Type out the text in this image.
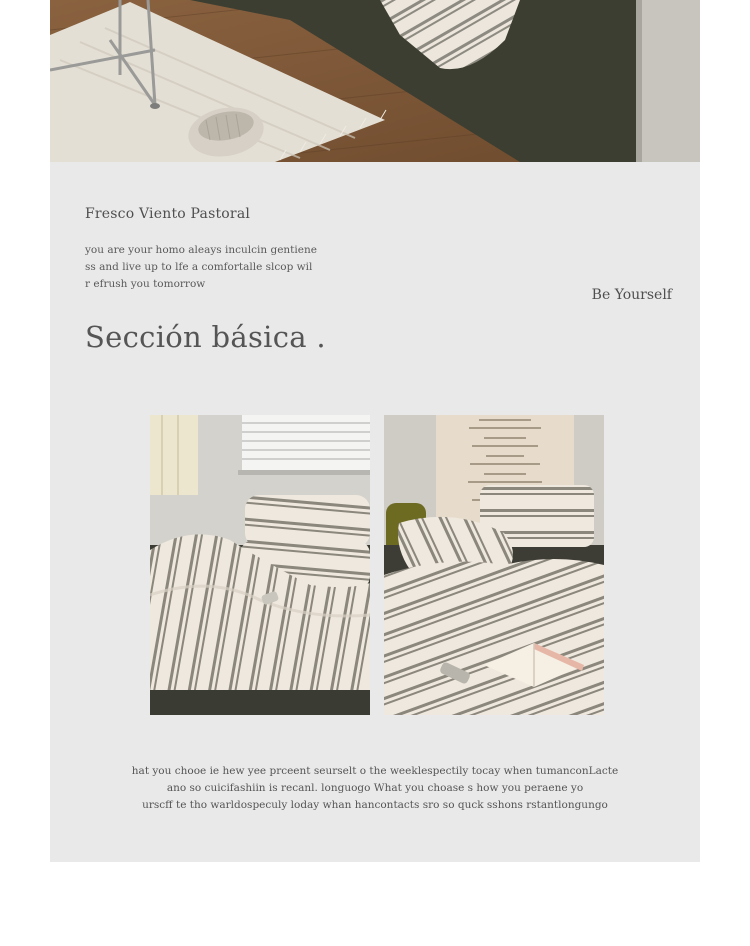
Fresco Viento Pastoral
you are your homo aleays inculcin gentiene ss and live up to lfe a comfortalle slcop wil r efrush you tomorrow
Be Yourself
Sección básica .
hat you chooe ie hew yee prceent seurselt o the weeklespectily tocay when tumanconLacte
ano so cuicifashiin is recanl. longuogo What you choase s how you peraene yo
urscff te tho warldospeculy loday whan hancontacts sro so quck sshons rstantlongungo
